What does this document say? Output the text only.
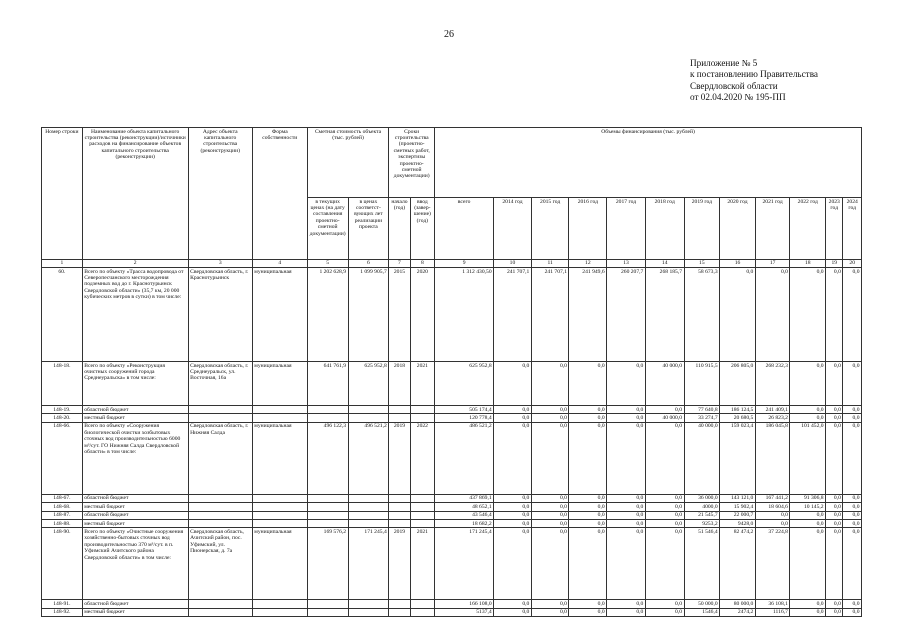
26
Приложение № 5
к постановлению Правительства
Свердловской области
от 02.04.2020 № 195-ПП
Номер строки	Наименование объекта капитального строительства (реконструкции)/источники расходов на финансирование объектов капитального строительства (реконструкции)	Адрес объекта капитального строительства (реконструкции)	Форма собственности	Сметная стоимость объекта (тыс. рублей)		Сроки строительства (проектно-сметных работ, экспертизы проектно-сметной документации)		Объемы финансирования (тыс. рублей)											
				в текущих ценах (на дату составления проектно-сметной документации)	в ценах соответст-вующих лет реализации проекта	начало (год)	ввод (завер-шение) (год)	всего	2014 год	2015 год	2016 год	2017 год	2018 год	2019 год	2020 год	2021 год	2022 год	2023 год	2024 год
1	2	3	4	5	6	7	8	9	10	11	12	13	14	15	16	17	18	19	20
60.	Всего по объекту «Трасса водопровода от Северопесчанского месторождения подземных вод до г. Краснотурьинск Свердловской области» (35,7 км, 20 000 кубических метров в сутки) в том числе:	Свердловская область, г. Краснотурьинск	муниципальная	1 202 628,9	1 099 905,7	2015	2020	1 312 430,50	241 707,1	241 707,1	241 949,6	260 207,7	268 185,7	58 673,3	0,0	0,0	0,0	0,0	0,0
148-18.	Всего по объекту «Реконструкция очистных сооружений города Среднеуральска» в том числе:	Свердловская область, г. Среднеуральск, ул. Восточная, 16а	муниципальная	641 761,9	625 952,8	2018	2021	625 952,8	0,0	0,0	0,0	0,0	40 000,0	110 915,5	206 805,0	268 232,3	0,0	0,0	0,0
148-19.	областной бюджет							505 174,4	0,0	0,0	0,0	0,0	0,0	77 640,8	186 124,5	241 409,1	0,0	0,0	0,0
148-20.	местный бюджет							120 778,4	0,0	0,0	0,0	0,0	40 000,0	33 274,7	20 680,5	26 823,2	0,0	0,0	0,0
148-66.	Всего по объекту «Сооружения биологической очистки хозбытовых сточных вод производительностью 6000 м³/сут. ГО Нижняя Салда Свердловской области» в том числе:	Свердловская область, г. Нижняя Салда	муниципальная	496 122,3	496 521,2	2019	2022	486 521,2	0,0	0,0	0,0	0,0	0,0	40 000,0	159 023,4	186 045,8	101 452,0	0,0	0,0
148-67.	областной бюджет							437 869,1	0,0	0,0	0,0	0,0	0,0	36 000,0	143 121,0	167 441,2	91 306,8	0,0	0,0
148-68.	местный бюджет							48 652,1	0,0	0,0	0,0	0,0	0,0	4000,0	15 902,4	18 604,6	10 145,2	0,0	0,0
148-87.	областной бюджет							43 546,4	0,0	0,0	0,0	0,0	0,0	21 545,7	22 000,7	0,0	0,0	0,0	0,0
148-88.	местный бюджет							18 682,2	0,0	0,0	0,0	0,0	0,0	9253,2	9428,0	0,0	0,0	0,0	0,0
148-90.	Всего по объекту «Очистные сооружения хозяйственно-бытовых сточных вод производительностью 370 м³/сут. в п. Уфимский Ачитского района Свердловской области» в том числе:	Свердловская область, Ачитский район, пос. Уфимский, ул. Пионерская, д. 7а	муниципальная	169 576,2	171 245,4	2019	2021	171 245,4	0,0	0,0	0,0	0,0	0,0	51 546,4	82 474,2	37 224,8	0,0	0,0	0,0
148-91.	областной бюджет							166 108,0	0,0	0,0	0,0	0,0	0,0	50 000,0	80 000,0	36 108,1	0,0	0,0	0,0
148-92.	местный бюджет							5137,4	0,0	0,0	0,0	0,0	0,0	1546,4	2474,2	1116,7	0,0	0,0	0,0
